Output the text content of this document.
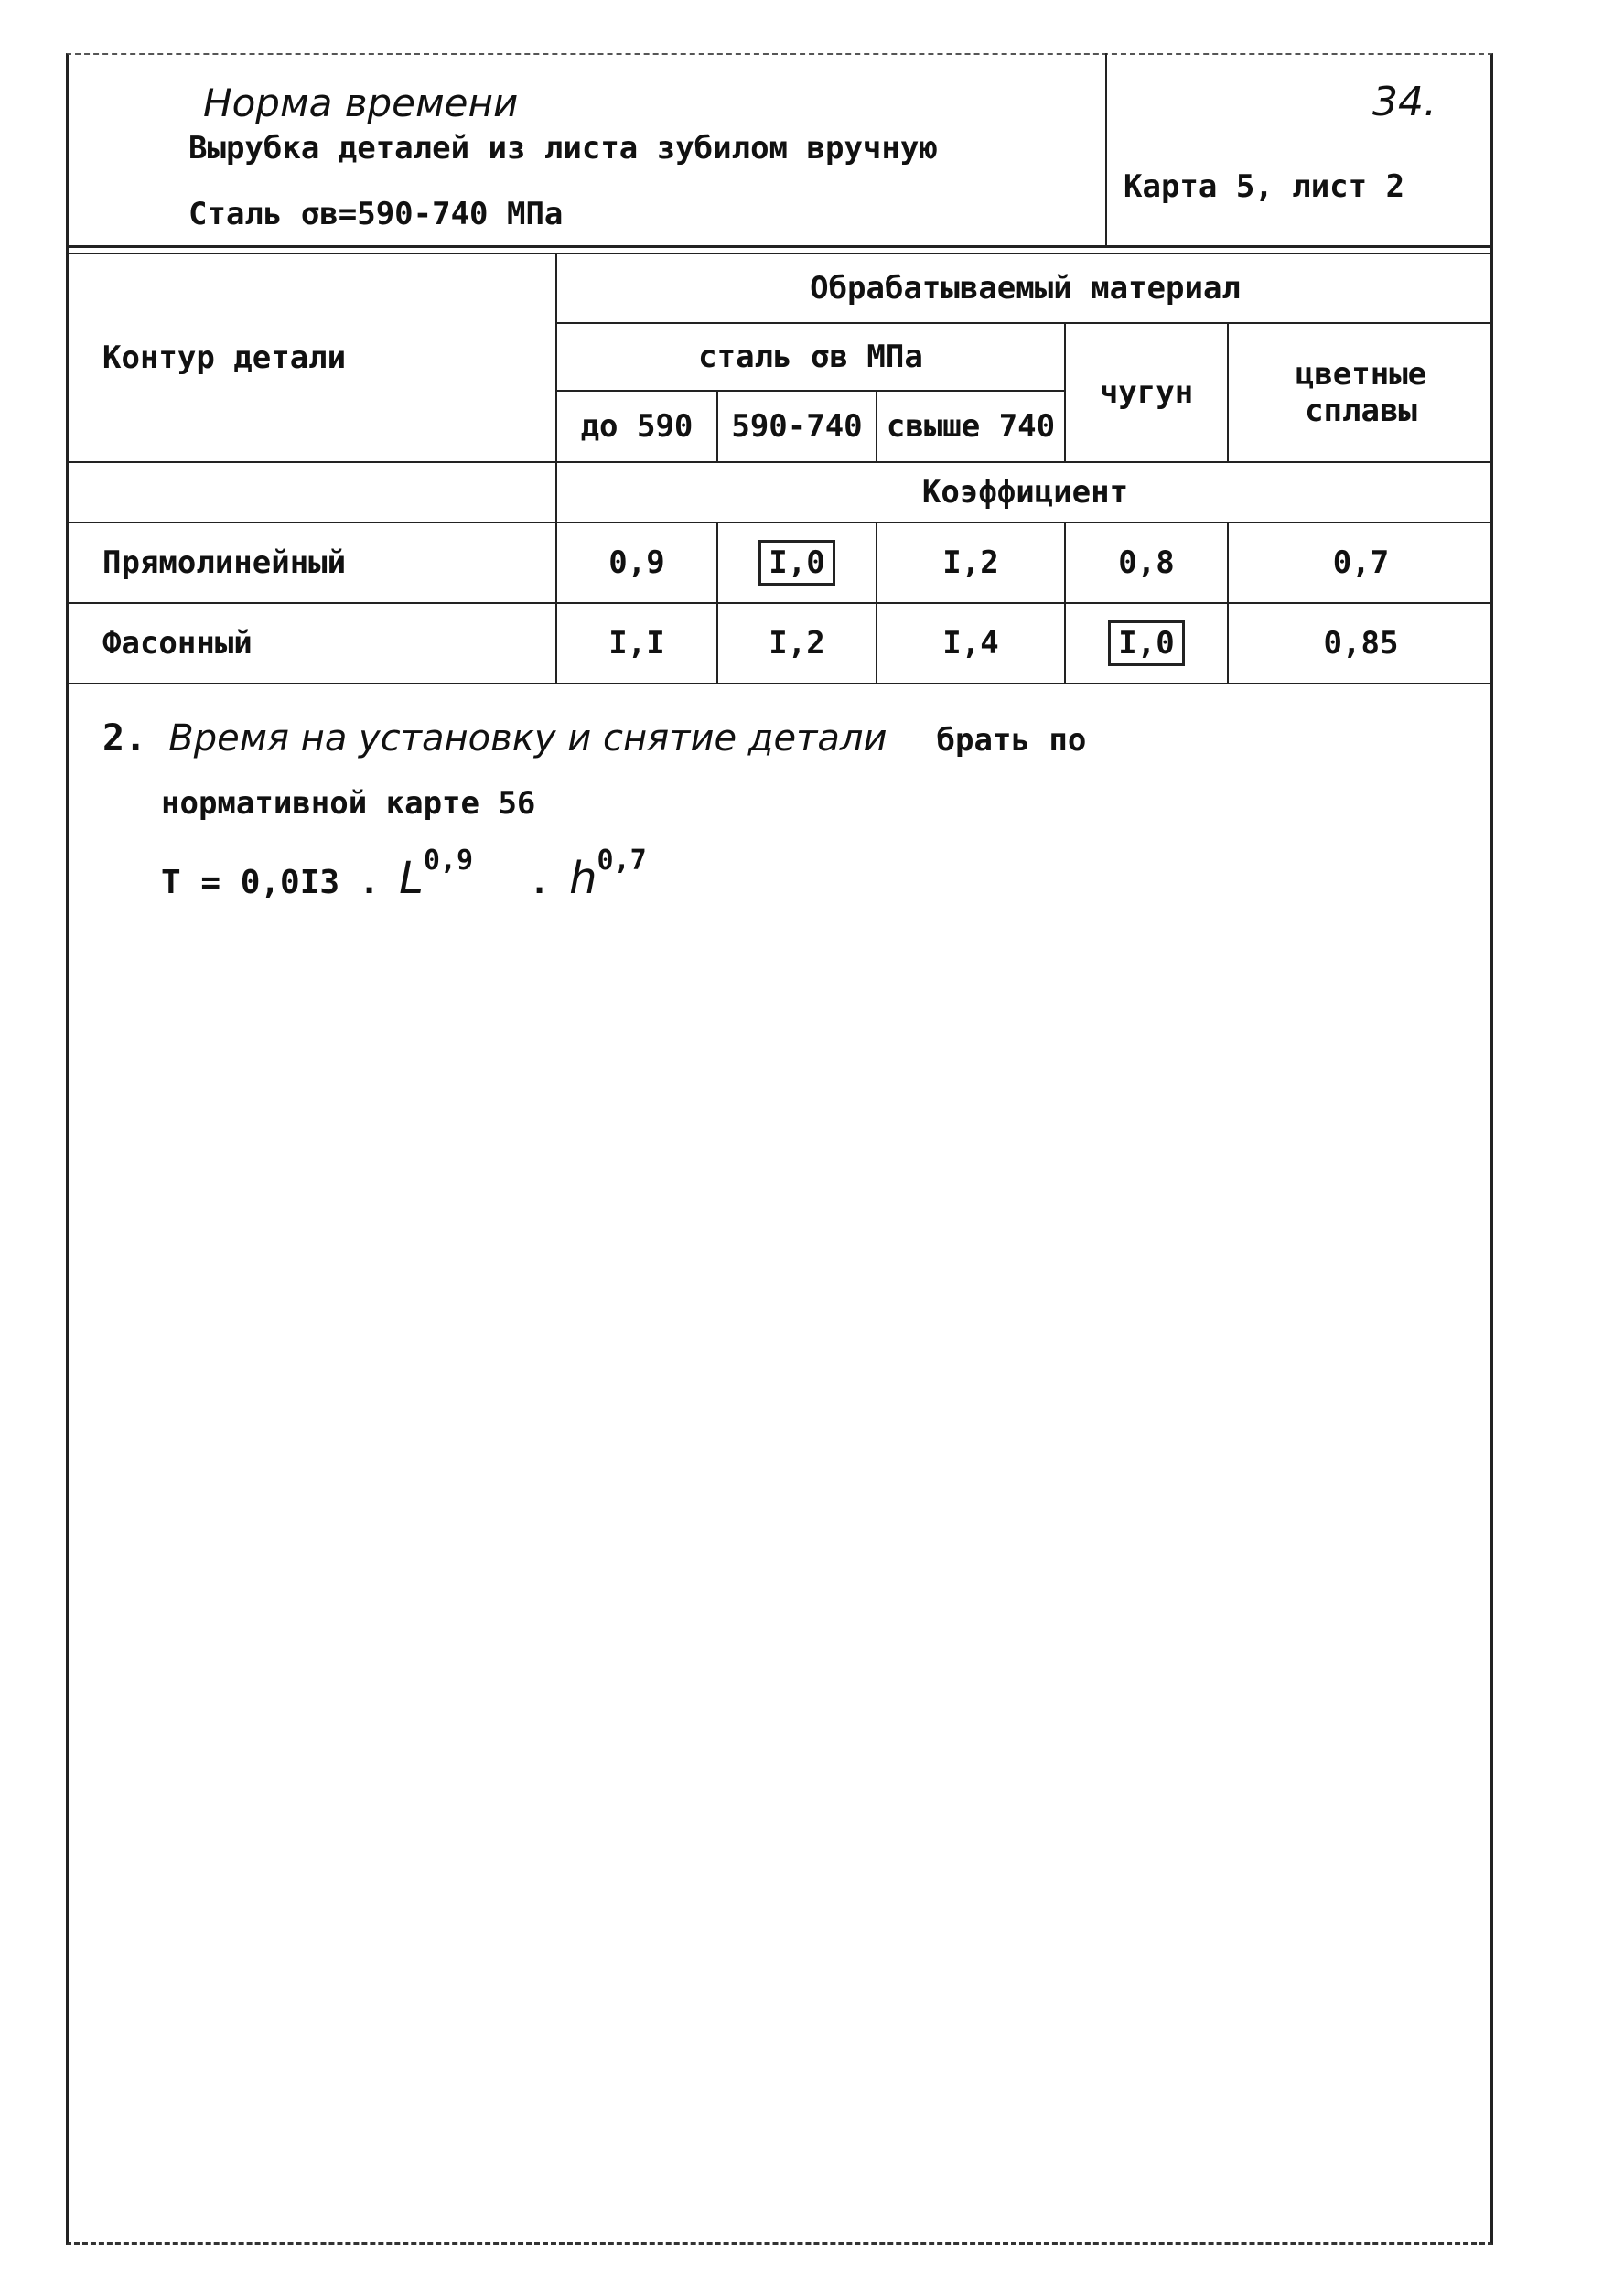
Норма времени	34.
Вырубка деталей из листа зубилом вручную
Сталь σв=590-740 МПа
Карта 5, лист 2
Контур детали	Обрабатываемый материал				
	сталь σв МПа			чугун	цветные сплавы
	до 590	590-740	свыше 740		
	Коэффициент				
Прямолинейный	0,9	I,0	I,2	0,8	0,7
Фасонный	I,I	I,2	I,4	I,0	0,85
2. Время на установку и снятие детали брать по
нормативной карте 56
T = 0,0I3 . L$^{0,9}$ . $h^{0,7}$
